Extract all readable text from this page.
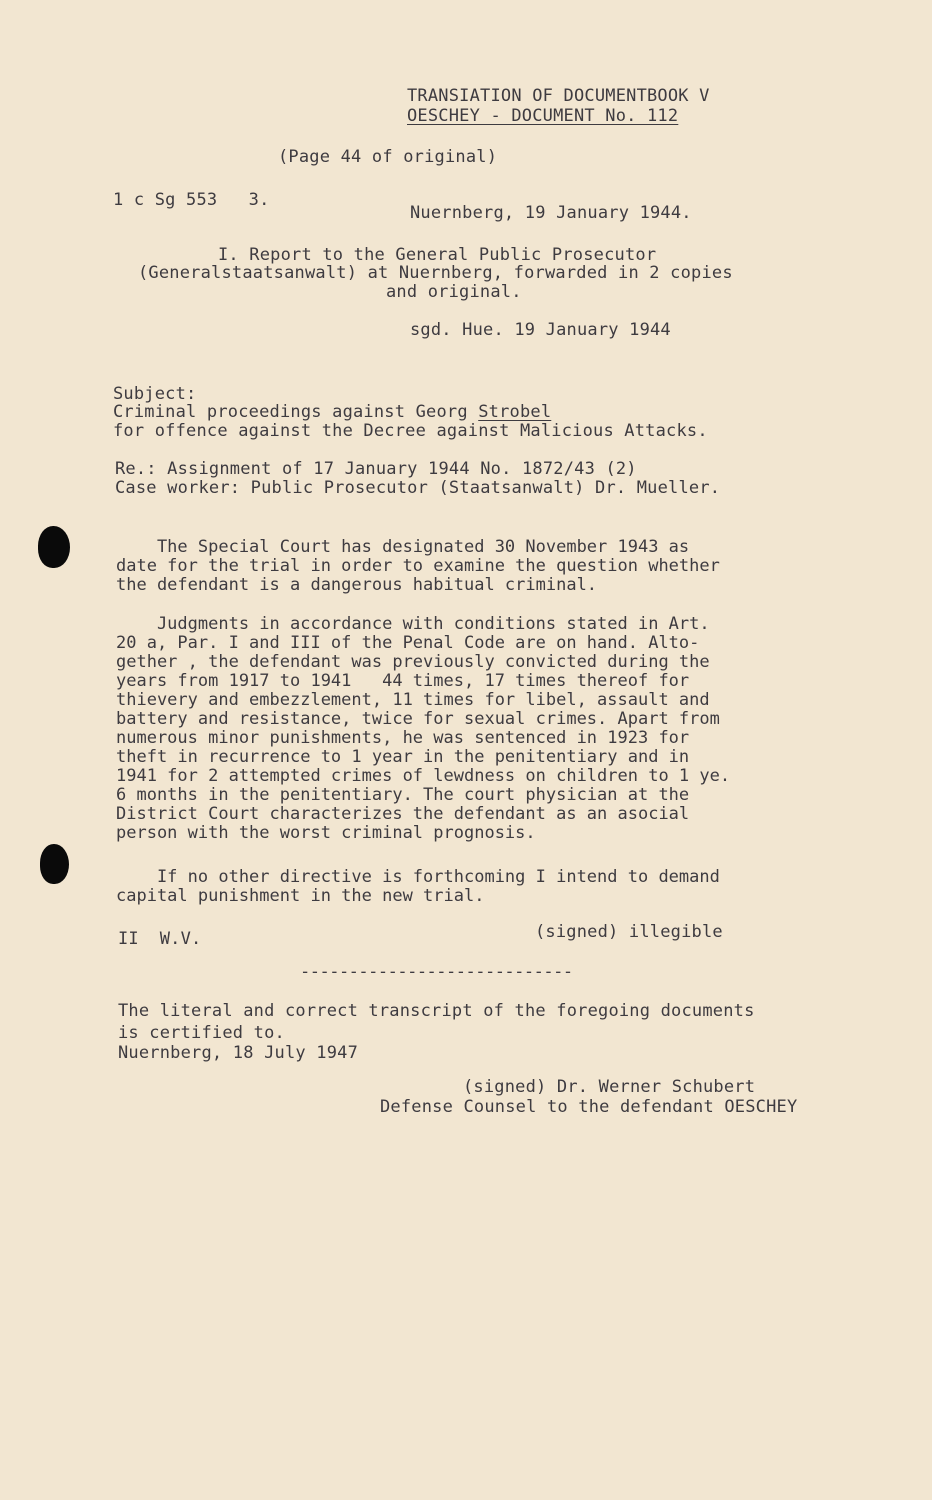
TRANSIATION OF DOCUMENTBOOK V
OESCHEY - DOCUMENT No. 112
(Page 44 of original)
1 c Sg 553   3.
Nuernberg, 19 January 1944.
I. Report to the General Public Prosecutor
(Generalstaatsanwalt) at Nuernberg, forwarded in 2 copies
and original.
sgd. Hue. 19 January 1944
Subject:
Criminal proceedings against Georg Strobel
for offence against the Decree against Malicious Attacks.
Re.: Assignment of 17 January 1944 No. 1872/43 (2)
Case worker: Public Prosecutor (Staatsanwalt) Dr. Mueller.
The Special Court has designated 30 November 1943 as
date for the trial in order to examine the question whether
the defendant is a dangerous habitual criminal.
Judgments in accordance with conditions stated in Art.
20 a, Par. I and III of the Penal Code are on hand. Alto-
gether , the defendant was previously convicted during the
years from 1917 to 1941   44 times, 17 times thereof for
thievery and embezzlement, 11 times for libel, assault and
battery and resistance, twice for sexual crimes. Apart from
numerous minor punishments, he was sentenced in 1923 for
theft in recurrence to 1 year in the penitentiary and in
1941 for 2 attempted crimes of lewdness on children to 1 ye.
6 months in the penitentiary. The court physician at the
District Court characterizes the defendant as an asocial
person with the worst criminal prognosis.
If no other directive is forthcoming I intend to demand
capital punishment in the new trial.
II  W.V.	(signed) illegible
----------------------------
The literal and correct transcript of the foregoing documents
is certified to.
Nuernberg, 18 July 1947
(signed) Dr. Werner Schubert
Defense Counsel to the defendant OESCHEY
